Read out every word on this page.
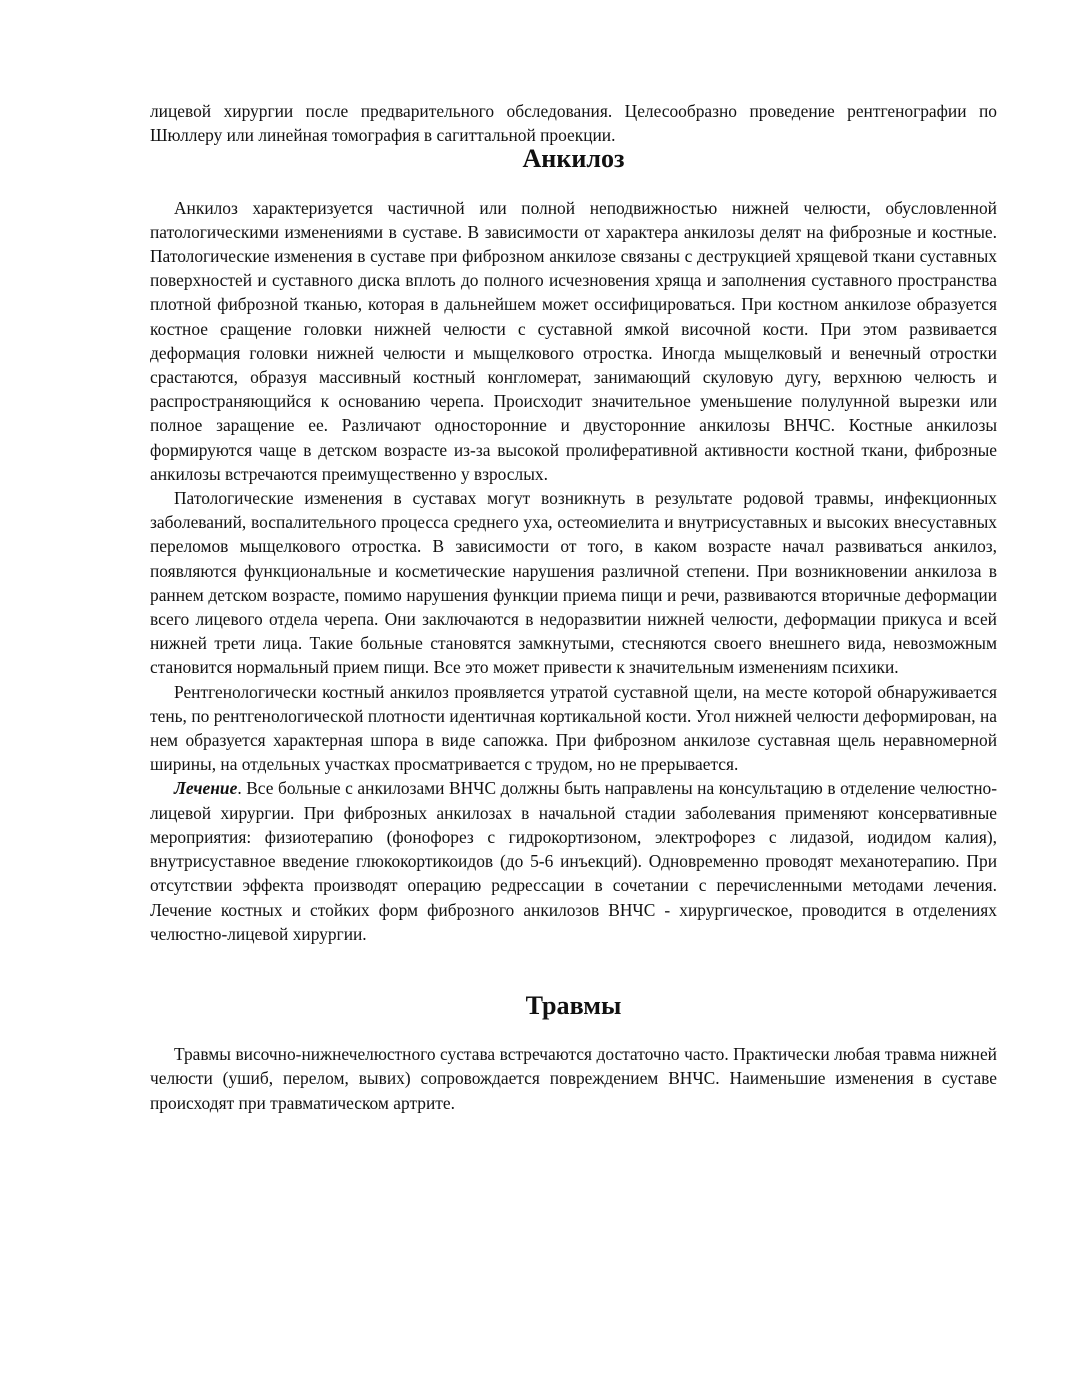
лицевой хирургии после предварительного обследования. Целесообразно проведение рентгенографии по Шюллеру или линейная томография в сагиттальной проекции.

Анкилоз

Анкилоз характеризуется частичной или полной неподвижностью нижней челюсти, обусловленной патологическими изменениями в суставе. В зависимости от характера анкилозы делят на фиброзные и костные. Патологические изменения в суставе при фиброзном анкилозе связаны с деструкцией хрящевой ткани суставных поверхностей и суставного диска вплоть до полного исчезновения хряща и заполнения суставного пространства плотной фиброзной тканью, которая в дальнейшем может оссифицироваться. При костном анкилозе образуется костное сращение головки нижней челюсти с суставной ямкой височной кости. При этом развивается деформация головки нижней челюсти и мыщелкового отростка. Иногда мыщелковый и венечный отростки срастаются, образуя массивный костный конгломерат, занимающий скуловую дугу, верхнюю челюсть и распространяющийся к основанию черепа. Происходит значительное уменьшение полулунной вырезки или полное заращение ее. Различают односторонние и двусторонние анкилозы ВНЧС. Костные анкилозы формируются чаще в детском возрасте из-за высокой пролиферативной активности костной ткани, фиброзные анкилозы встречаются преимущественно у взрослых.

Патологические изменения в суставах могут возникнуть в результате родовой травмы, инфекционных заболеваний, воспалительного процесса среднего уха, остеомиелита и внутрисуставных и высоких внесуставных переломов мыщелкового отростка. В зависимости от того, в каком возрасте начал развиваться анкилоз, появляются функциональные и косметические нарушения различной степени. При возникновении анкилоза в раннем детском возрасте, помимо нарушения функции приема пищи и речи, развиваются вторичные деформации всего лицевого отдела черепа. Они заключаются в недоразвитии нижней челюсти, деформации прикуса и всей нижней трети лица. Такие больные становятся замкнутыми, стесняются своего внешнего вида, невозможным становится нормальный прием пищи. Все это может привести к значительным изменениям психики.

Рентгенологически костный анкилоз проявляется утратой суставной щели, на месте которой обнаруживается тень, по рентгенологической плотности идентичная кортикальной кости. Угол нижней челюсти деформирован, на нем образуется характерная шпора в виде сапожка. При фиброзном анкилозе суставная щель неравномерной ширины, на отдельных участках просматривается с трудом, но не прерывается.

Лечение. Все больные с анкилозами ВНЧС должны быть направлены на консультацию в отделение челюстно-лицевой хирургии. При фиброзных анкилозах в начальной стадии заболевания применяют консервативные мероприятия: физиотерапию (фонофорез с гидрокортизоном, электрофорез с лидазой, иодидом калия), внутрисуставное введение глюкокортикоидов (до 5-6 инъекций). Одновременно проводят механотерапию. При отсутствии эффекта производят операцию редрессации в сочетании с перечисленными методами лечения. Лечение костных и стойких форм фиброзного анкилозов ВНЧС - хирургическое, проводится в отделениях челюстно-лицевой хирургии.

Травмы

Травмы височно-нижнечелюстного сустава встречаются достаточно часто. Практически любая травма нижней челюсти (ушиб, перелом, вывих) сопровождается повреждением ВНЧС. Наименьшие изменения в суставе происходят при травматическом артрите.
